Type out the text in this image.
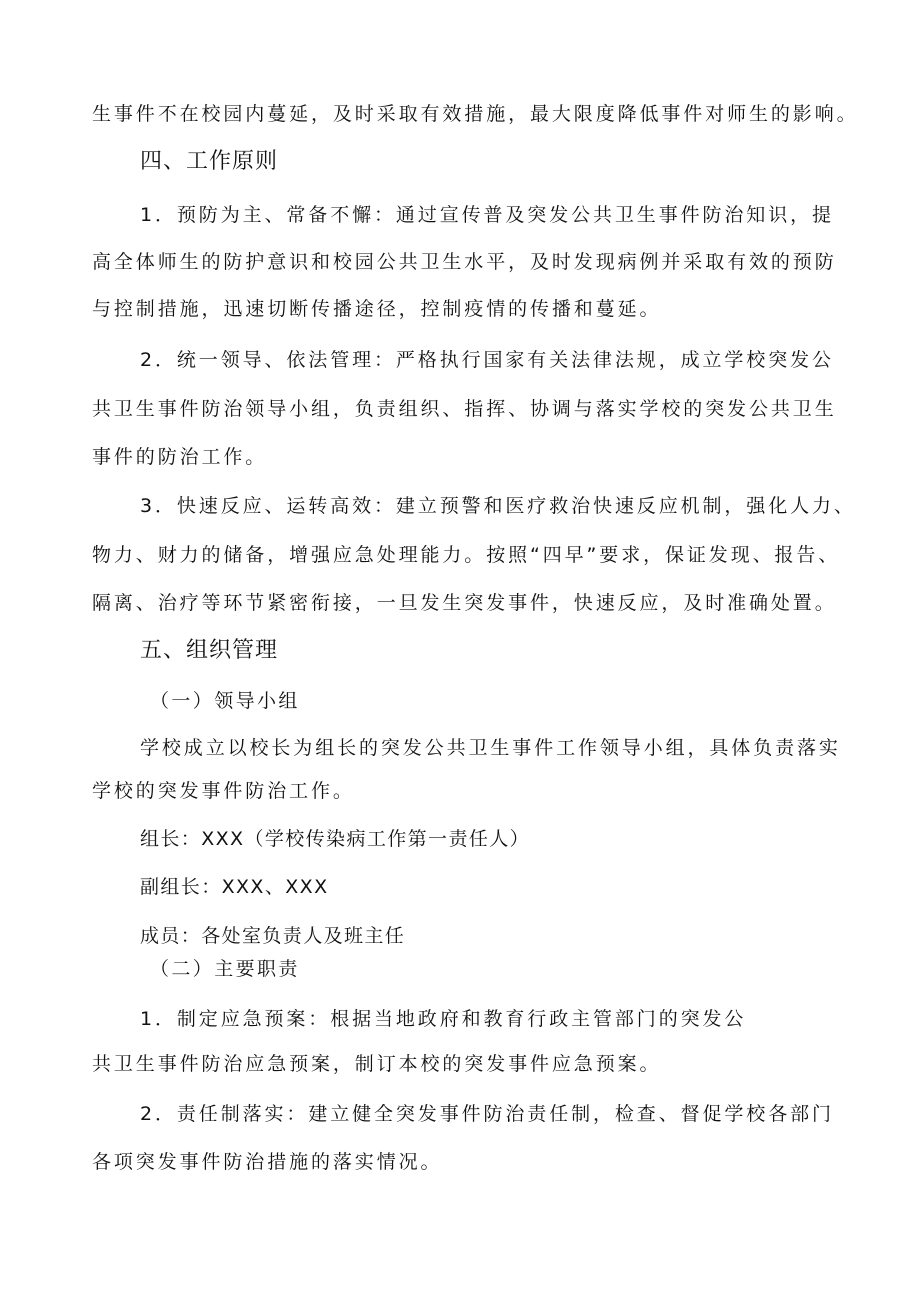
生事件不在校园内蔓延，及时采取有效措施，最大限度降低事件对师生的影响。
四、工作原则
1．预防为主、常备不懈：通过宣传普及突发公共卫生事件防治知识，提
高全体师生的防护意识和校园公共卫生水平，及时发现病例并采取有效的预防
与控制措施，迅速切断传播途径，控制疫情的传播和蔓延。
2．统一领导、依法管理：严格执行国家有关法律法规，成立学校突发公
共卫生事件防治领导小组，负责组织、指挥、协调与落实学校的突发公共卫生
事件的防治工作。
3．快速反应、运转高效：建立预警和医疗救治快速反应机制，强化人力、
物力、财力的储备，增强应急处理能力。按照“四早”要求，保证发现、报告、
隔离、治疗等环节紧密衔接，一旦发生突发事件，快速反应，及时准确处置。
五、组织管理
（一）领导小组
学校成立以校长为组长的突发公共卫生事件工作领导小组，具体负责落实
学校的突发事件防治工作。
组长：XXX（学校传染病工作第一责任人）
副组长：XXX、XXX
成员：各处室负责人及班主任
（二）主要职责
1．制定应急预案：根据当地政府和教育行政主管部门的突发公
共卫生事件防治应急预案，制订本校的突发事件应急预案。
2．责任制落实：建立健全突发事件防治责任制，检查、督促学校各部门
各项突发事件防治措施的落实情况。
